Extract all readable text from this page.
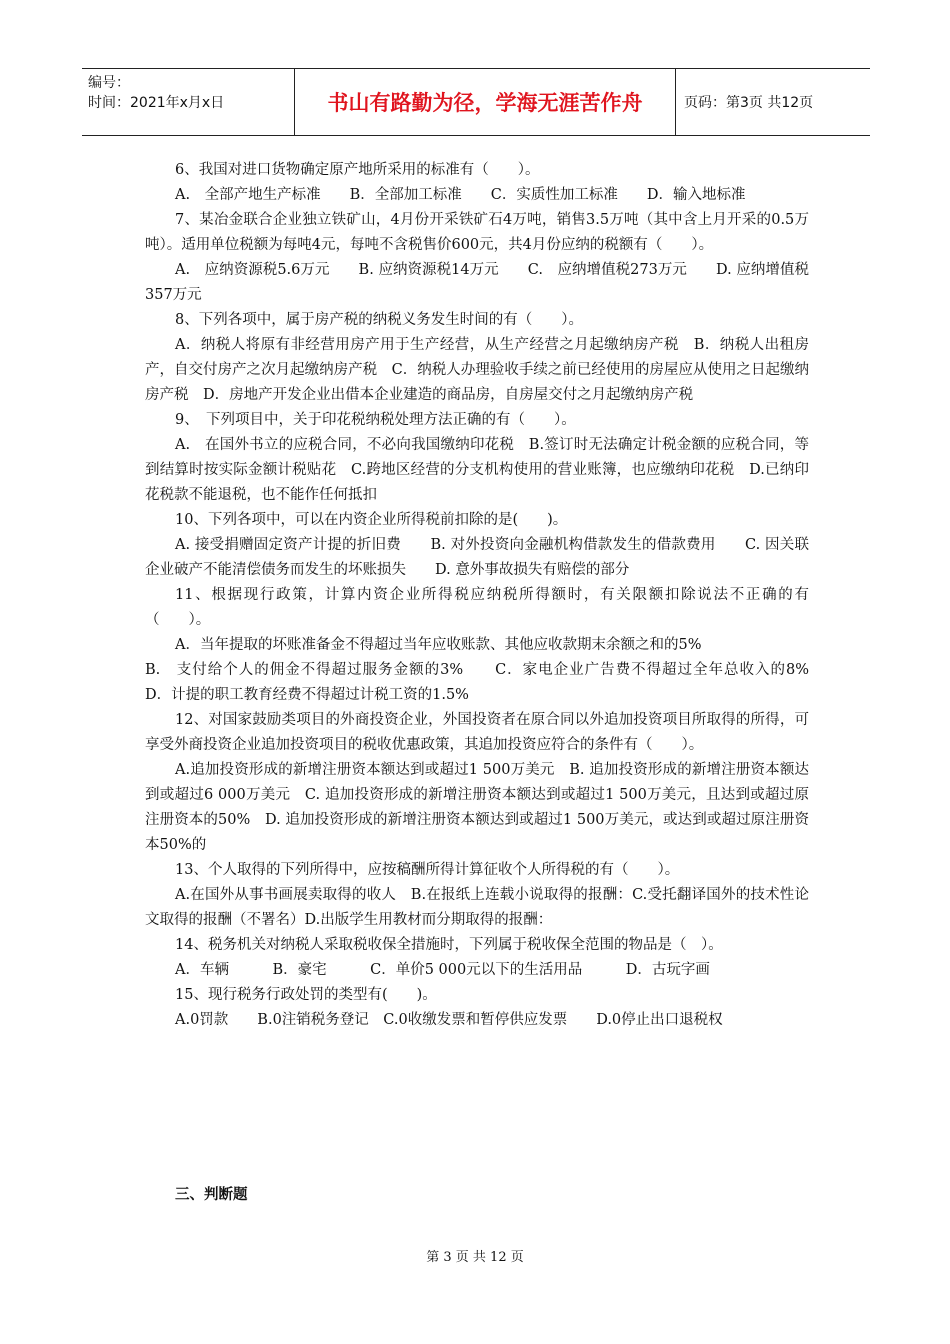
编号：
时间：2021年x月x日	书山有路勤为径，学海无涯苦作舟	页码：第3页 共12页

6、我国对进口货物确定原产地所采用的标准有（　　）。

A.　全部产地生产标准　　B．全部加工标准　　C．实质性加工标准　　D．输入地标准

7、某冶金联合企业独立铁矿山，4月份开采铁矿石4万吨，销售3.5万吨（其中含上月开采的0.5万吨）。适用单位税额为每吨4元，每吨不含税售价600元，共4月份应纳的税额有（　　）。

A.　应纳资源税5.6万元　　B. 应纳资源税14万元　　C.　应纳增值税273万元　　D. 应纳增值税357万元

8、下列各项中，属于房产税的纳税义务发生时间的有（　　）。

A．纳税人将原有非经营用房产用于生产经营，从生产经营之月起缴纳房产税　B．纳税人出租房产，自交付房产之次月起缴纳房产税　C．纳税人办理验收手续之前已经使用的房屋应从使用之日起缴纳房产税　D．房地产开发企业出借本企业建造的商品房，自房屋交付之月起缴纳房产税

9、　下列项目中，关于印花税纳税处理方法正确的有（　　）。

A.　在国外书立的应税合同，不必向我国缴纳印花税　B.签订时无法确定计税金额的应税合同，等到结算时按实际金额计税贴花　C.跨地区经营的分支机构使用的营业账簿，也应缴纳印花税　D.已纳印花税款不能退税，也不能作任何抵扣

10、下列各项中，可以在内资企业所得税前扣除的是(　　)。

A. 接受捐赠固定资产计提的折旧费　　B. 对外投资向金融机构借款发生的借款费用　　C. 因关联企业破产不能清偿债务而发生的坏账损失　　D. 意外事故损失有赔偿的部分

11、根据现行政策，计算内资企业所得税应纳税所得额时，有关限额扣除说法不正确的有（　　）。

A．当年提取的坏账准备金不得超过当年应收账款、其他应收款期末余额之和的5%

B.　支付给个人的佣金不得超过服务金额的3%　　C．家电企业广告费不得超过全年总收入的8%　　D．计提的职工教育经费不得超过计税工资的1.5%

12、对国家鼓励类项目的外商投资企业，外国投资者在原合同以外追加投资项目所取得的所得，可享受外商投资企业追加投资项目的税收优惠政策，其追加投资应符合的条件有（　　）。

A.追加投资形成的新增注册资本额达到或超过1 500万美元　B. 追加投资形成的新增注册资本额达到或超过6 000万美元　C. 追加投资形成的新增注册资本额达到或超过1 500万美元，且达到或超过原注册资本的50%　D. 追加投资形成的新增注册资本额达到或超过1 500万美元，或达到或超过原注册资本50%的

13、个人取得的下列所得中，应按稿酬所得计算征收个人所得税的有（　　）。

A.在国外从事书画展卖取得的收人　B.在报纸上连载小说取得的报酬：C.受托翻译国外的技术性论文取得的报酬（不署名）D.出版学生用教材而分期取得的报酬：

14、税务机关对纳税人采取税收保全措施时，下列属于税收保全范围的物品是（　）。

A．车辆　　　B．豪宅　　　C．单价5 000元以下的生活用品　　　D．古玩字画

15、现行税务行政处罚的类型有(　　)。

A.0罚款　　B.0注销税务登记　C.0收缴发票和暂停供应发票　　D.0停止出口退税权

三、判断题
第 3 页 共 12 页
